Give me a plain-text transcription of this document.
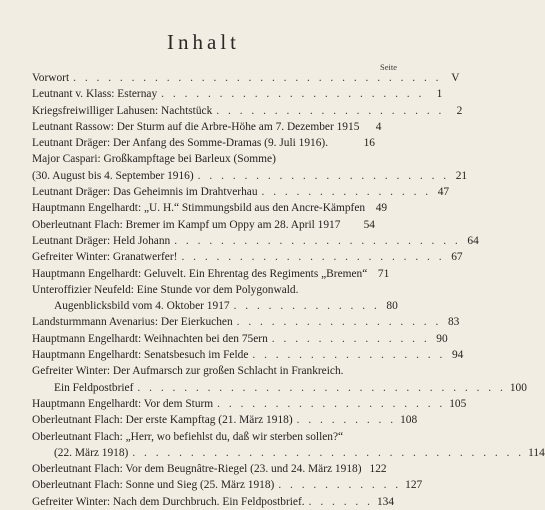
Inhalt
Seite
Vorwort . . . . . . . . . . . . . . . . . . . . . . . . . . . . . . . . V
Leutnant v. Klass: Esternay . . . . . . . . . . . . . . . . . . . . . . .	1
Kriegsfreiwilliger Lahusen: Nachtstück . . . . . . . . . . . . . . . . . . . .	2
Leutnant Rassow: Der Sturm auf die Arbre-Höhe am 7. Dezember 1915	4
Leutnant Dräger: Der Anfang des Somme-Dramas (9. Juli 1916).	16
Major Caspari: Großkampftage bei Barleux (Somme)
(30. August bis 4. September 1916) . . . . . . . . . . . . . . . . . . . . . . 21
Leutnant Dräger: Das Geheimnis im Drahtverhau . . . . . . . . . . . . . . . 47
Hauptmann Engelhardt: „U. H.“ Stimmungsbild aus den Ancre-Kämpfen 49
Oberleutnant Flach: Bremer im Kampf um Oppy am 28. April 1917 54
Leutnant Dräger: Held Johann . . . . . . . . . . . . . . . . . . . . . . . . . 64
Gefreiter Winter: Granatwerfer! . . . . . . . . . . . . . . . . . . . . . . . 67
Hauptmann Engelhardt: Geluvelt. Ein Ehrentag des Regiments „Bremen“ 71
Unteroffizier Neufeld: Eine Stunde vor dem Polygonwald.
Augenblicksbild vom 4. Oktober 1917 . . . . . . . . . . . . . 80
Landsturmmann Avenarius: Der Eierkuchen . . . . . . . . . . . . . . . . . . 83
Hauptmann Engelhardt: Weihnachten bei den 75ern . . . . . . . . . . . . . . 90
Hauptmann Engelhardt: Senatsbesuch im Felde . . . . . . . . . . . . . . . . . 94
Gefreiter Winter: Der Aufmarsch zur großen Schlacht in Frankreich.
Ein Feldpostbrief . . . . . . . . . . . . . . . . . . . . . . . . . . . . . . . . 100
Hauptmann Engelhardt: Vor dem Sturm . . . . . . . . . . . . . . . . . . . . 105
Oberleutnant Flach: Der erste Kampftag (21. März 1918) . . . . . . . . . 108
Oberleutnant Flach: „Herr, wo befiehlst du, daß wir sterben sollen?“
(22. März 1918) . . . . . . . . . . . . . . . . . . . . . . . . . . . . . . . . . . 114
Oberleutnant Flach: Vor dem Beugnâtre-Riegel (23. und 24. März 1918) 122
Oberleutnant Flach: Sonne und Sieg (25. März 1918) . . . . . . . . . . . 127
Gefreiter Winter: Nach dem Durchbruch. Ein Feldpostbrief. . . . . . . 134
